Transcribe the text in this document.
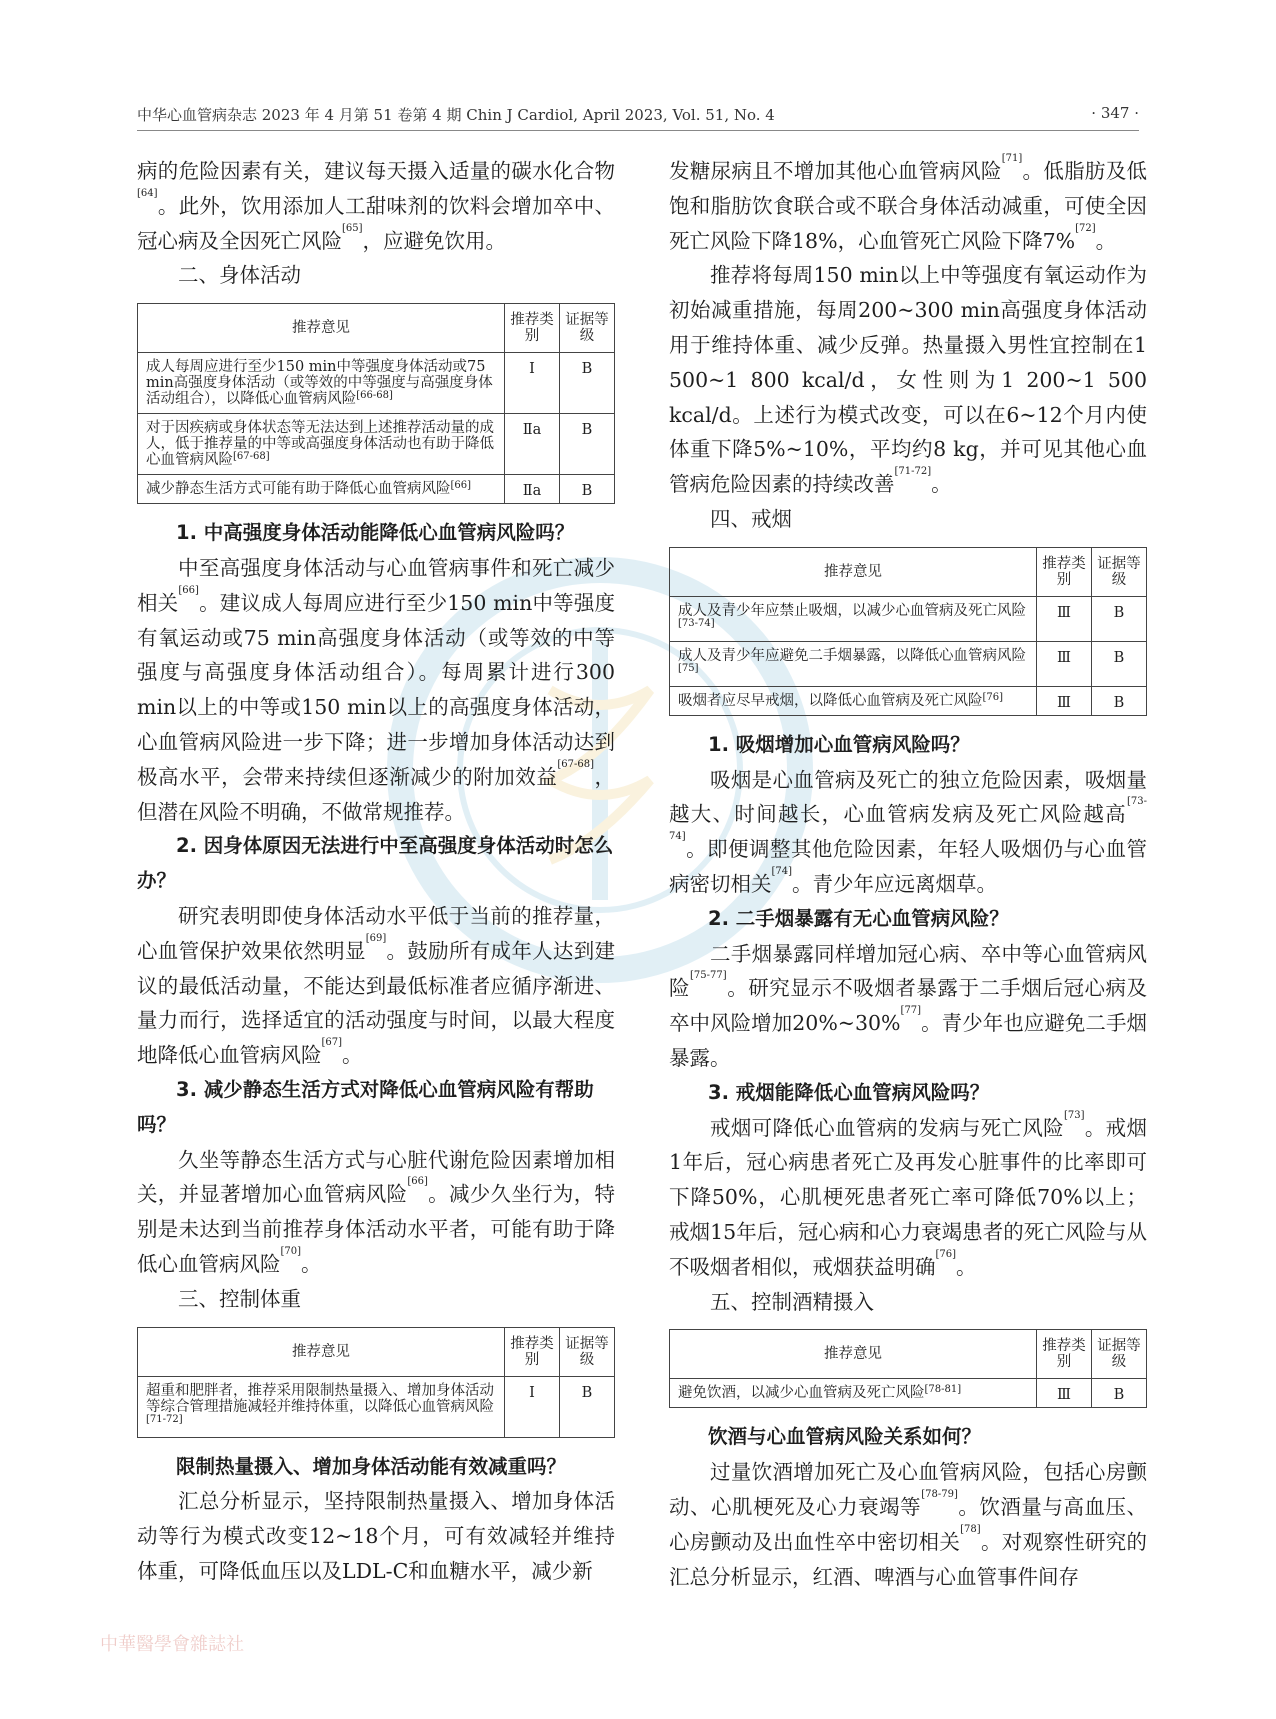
中华心血管病杂志 2023 年 4 月第 51 卷第 4 期 Chin J Cardiol, April 2023, Vol. 51, No. 4	· 347 ·

病的危险因素有关，建议每天摄入适量的碳水化合物[64]。此外，饮用添加人工甜味剂的饮料会增加卒中、冠心病及全因死亡风险[65]，应避免饮用。

二、身体活动

推荐意见	推荐类别	证据等级
成人每周应进行至少150 min中等强度身体活动或75 min高强度身体活动（或等效的中等强度与高强度身体活动组合），以降低心血管病风险[66-68]	Ⅰ	B
对于因疾病或身体状态等无法达到上述推荐活动量的成人，低于推荐量的中等或高强度身体活动也有助于降低心血管病风险[67-68]	Ⅱa	B
减少静态生活方式可能有助于降低心血管病风险[66]	Ⅱa	B

1. 中高强度身体活动能降低心血管病风险吗？

中至高强度身体活动与心血管病事件和死亡减少相关[66]。建议成人每周应进行至少150 min中等强度有氧运动或75 min高强度身体活动（或等效的中等强度与高强度身体活动组合）。每周累计进行300 min以上的中等或150 min以上的高强度身体活动，心血管病风险进一步下降；进一步增加身体活动达到极高水平，会带来持续但逐渐减少的附加效益[67-68]，但潜在风险不明确，不做常规推荐。

2. 因身体原因无法进行中至高强度身体活动时怎么办？

研究表明即使身体活动水平低于当前的推荐量，心血管保护效果依然明显[69]。鼓励所有成年人达到建议的最低活动量，不能达到最低标准者应循序渐进、量力而行，选择适宜的活动强度与时间，以最大程度地降低心血管病风险[67]。

3. 减少静态生活方式对降低心血管病风险有帮助吗？

久坐等静态生活方式与心脏代谢危险因素增加相关，并显著增加心血管病风险[66]。减少久坐行为，特别是未达到当前推荐身体活动水平者，可能有助于降低心血管病风险[70]。

三、控制体重

推荐意见	推荐类别	证据等级
超重和肥胖者，推荐采用限制热量摄入、增加身体活动等综合管理措施减轻并维持体重，以降低心血管病风险[71-72]	Ⅰ	B

限制热量摄入、增加身体活动能有效减重吗？

汇总分析显示，坚持限制热量摄入、增加身体活动等行为模式改变12~18个月，可有效减轻并维持体重，可降低血压以及LDL-C和血糖水平，减少新

发糖尿病且不增加其他心血管病风险[71]。低脂肪及低饱和脂肪饮食联合或不联合身体活动减重，可使全因死亡风险下降18%，心血管死亡风险下降7%[72]。

推荐将每周150 min以上中等强度有氧运动作为初始减重措施，每周200~300 min高强度身体活动用于维持体重、减少反弹。热量摄入男性宜控制在1 500~1 800 kcal/d，女性则为1 200~1 500 kcal/d。上述行为模式改变，可以在6~12个月内使体重下降5%~10%，平均约8 kg，并可见其他心血管病危险因素的持续改善[71-72]。

四、戒烟

推荐意见	推荐类别	证据等级
成人及青少年应禁止吸烟，以减少心血管病及死亡风险[73-74]	Ⅲ	B
成人及青少年应避免二手烟暴露，以降低心血管病风险[75]	Ⅲ	B
吸烟者应尽早戒烟，以降低心血管病及死亡风险[76]	Ⅲ	B

1. 吸烟增加心血管病风险吗？

吸烟是心血管病及死亡的独立危险因素，吸烟量越大、时间越长，心血管病发病及死亡风险越高[73-74]。即便调整其他危险因素，年轻人吸烟仍与心血管病密切相关[74]。青少年应远离烟草。

2. 二手烟暴露有无心血管病风险？

二手烟暴露同样增加冠心病、卒中等心血管病风险[75-77]。研究显示不吸烟者暴露于二手烟后冠心病及卒中风险增加20%~30%[77]。青少年也应避免二手烟暴露。

3. 戒烟能降低心血管病风险吗？

戒烟可降低心血管病的发病与死亡风险[73]。戒烟1年后，冠心病患者死亡及再发心脏事件的比率即可下降50%，心肌梗死患者死亡率可降低70%以上；戒烟15年后，冠心病和心力衰竭患者的死亡风险与从不吸烟者相似，戒烟获益明确[76]。

五、控制酒精摄入

推荐意见	推荐类别	证据等级
避免饮酒，以减少心血管病及死亡风险[78-81]	Ⅲ	B

饮酒与心血管病风险关系如何？

过量饮酒增加死亡及心血管病风险，包括心房颤动、心肌梗死及心力衰竭等[78-79]。饮酒量与高血压、心房颤动及出血性卒中密切相关[78]。对观察性研究的汇总分析显示，红酒、啤酒与心血管事件间存

中華醫學會雜誌社
